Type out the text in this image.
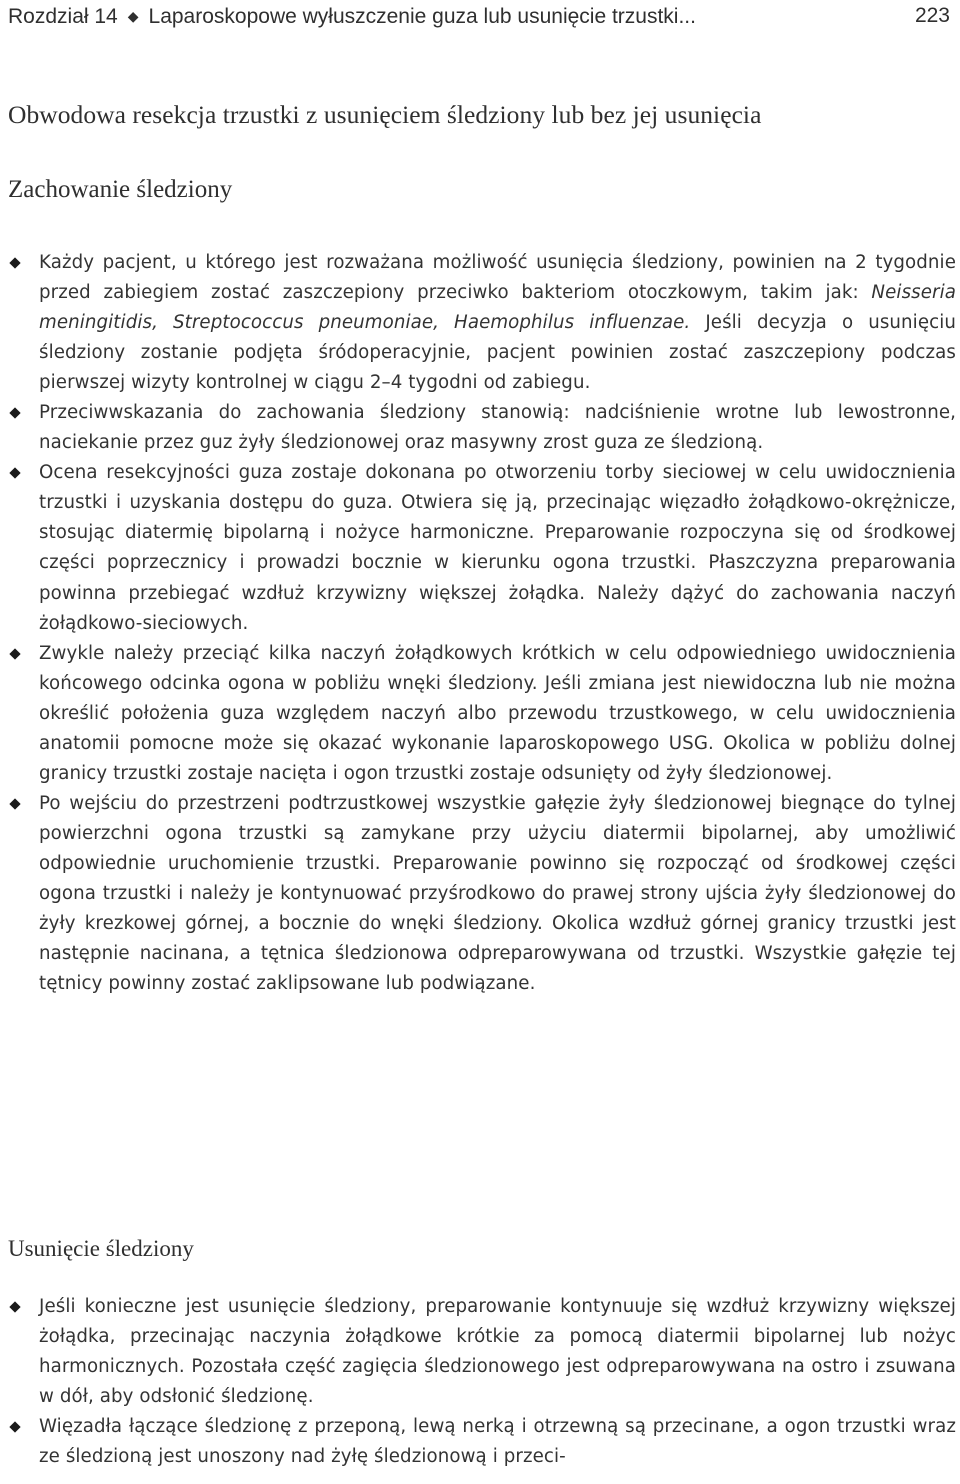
Rozdział 14 ◆ Laparoskopowe wyłuszczenie guza lub usunięcie trzustki...	223
Obwodowa resekcja trzustki z usunięciem śledziony lub bez jej usunięcia
Zachowanie śledziony
Każdy pacjent, u którego jest rozważana możliwość usunięcia śledziony, powinien na 2 tygodnie przed zabiegiem zostać zaszczepiony przeciwko bakteriom otoczkowym, takim jak: Neisseria meningitidis, Streptococcus pneumoniae, Haemophilus influenzae. Jeśli decyzja o usunięciu śledziony zostanie podjęta śródoperacyjnie, pacjent powinien zostać zaszczepiony podczas pierwszej wizyty kontrolnej w ciągu 2–4 tygodni od zabiegu.
Przeciwwskazania do zachowania śledziony stanowią: nadciśnienie wrotne lub lewostronne, naciekanie przez guz żyły śledzionowej oraz masywny zrost guza ze śledzioną.
Ocena resekcyjności guza zostaje dokonana po otworzeniu torby sieciowej w celu uwidocznienia trzustki i uzyskania dostępu do guza. Otwiera się ją, przecinając więzadło żołądkowo-okrężnicze, stosując diatermię bipolarną i nożyce harmoniczne. Preparowanie rozpoczyna się od środkowej części poprzecznicy i prowadzi bocznie w kierunku ogona trzustki. Płaszczyzna preparowania powinna przebiegać wzdłuż krzywizny większej żołądka. Należy dążyć do zachowania naczyń żołądkowo-sieciowych.
Zwykle należy przeciąć kilka naczyń żołądkowych krótkich w celu odpowiedniego uwidocznienia końcowego odcinka ogona w pobliżu wnęki śledziony. Jeśli zmiana jest niewidoczna lub nie można określić położenia guza względem naczyń albo przewodu trzustkowego, w celu uwidocznienia anatomii pomocne może się okazać wykonanie laparoskopowego USG. Okolica w pobliżu dolnej granicy trzustki zostaje nacięta i ogon trzustki zostaje odsunięty od żyły śledzionowej.
Po wejściu do przestrzeni podtrzustkowej wszystkie gałęzie żyły śledzionowej biegnące do tylnej powierzchni ogona trzustki są zamykane przy użyciu diatermii bipolarnej, aby umożliwić odpowiednie uruchomienie trzustki. Preparowanie powinno się rozpocząć od środkowej części ogona trzustki i należy je kontynuować przyśrodkowo do prawej strony ujścia żyły śledzionowej do żyły krezkowej górnej, a bocznie do wnęki śledziony. Okolica wzdłuż górnej granicy trzustki jest następnie nacinana, a tętnica śledzionowa odpreparowywana od trzustki. Wszystkie gałęzie tej tętnicy powinny zostać zaklipsowane lub podwiązane.
Usunięcie śledziony
Jeśli konieczne jest usunięcie śledziony, preparowanie kontynuuje się wzdłuż krzywizny większej żołądka, przecinając naczynia żołądkowe krótkie za pomocą diatermii bipolarnej lub nożyc harmonicznych. Pozostała część zagięcia śledzionowego jest odpreparowywana na ostro i zsuwana w dół, aby odsłonić śledzionę.
Więzadła łączące śledzionę z przeponą, lewą nerką i otrzewną są przecinane, a ogon trzustki wraz ze śledzioną jest unoszony nad żyłę śledzionową i przeci-
